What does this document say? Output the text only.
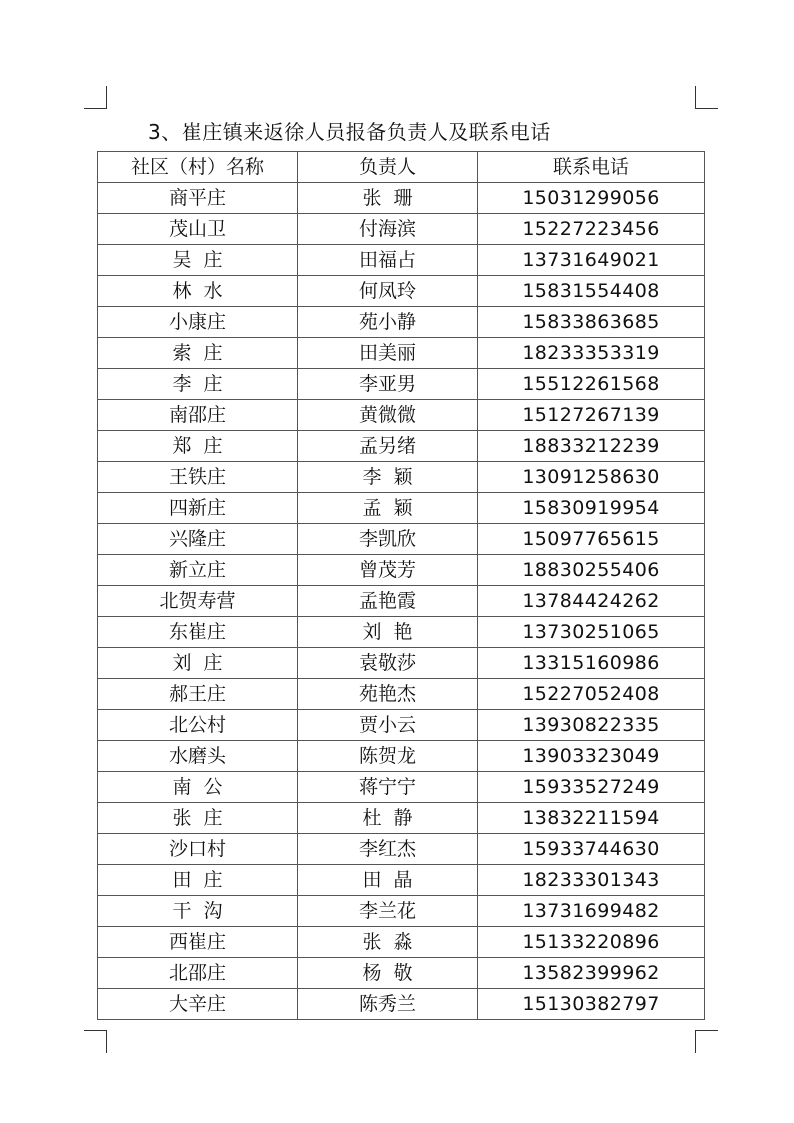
3、崔庄镇来返徐人员报备负责人及联系电话
社区（村）名称	负责人	联系电话
商平庄	张  珊	15031299056
茂山卫	付海滨	15227223456
吴  庄	田福占	13731649021
林  水	何凤玲	15831554408
小康庄	苑小静	15833863685
索  庄	田美丽	18233353319
李  庄	李亚男	15512261568
南邵庄	黄微微	15127267139
郑  庄	孟另绪	18833212239
王铁庄	李  颖	13091258630
四新庄	孟  颖	15830919954
兴隆庄	李凯欣	15097765615
新立庄	曾茂芳	18830255406
北贺寿营	孟艳霞	13784424262
东崔庄	刘  艳	13730251065
刘  庄	袁敬莎	13315160986
郝王庄	苑艳杰	15227052408
北公村	贾小云	13930822335
水磨头	陈贺龙	13903323049
南  公	蒋宁宁	15933527249
张  庄	杜  静	13832211594
沙口村	李红杰	15933744630
田  庄	田  晶	18233301343
干  沟	李兰花	13731699482
西崔庄	张  淼	15133220896
北邵庄	杨  敬	13582399962
大辛庄	陈秀兰	15130382797
